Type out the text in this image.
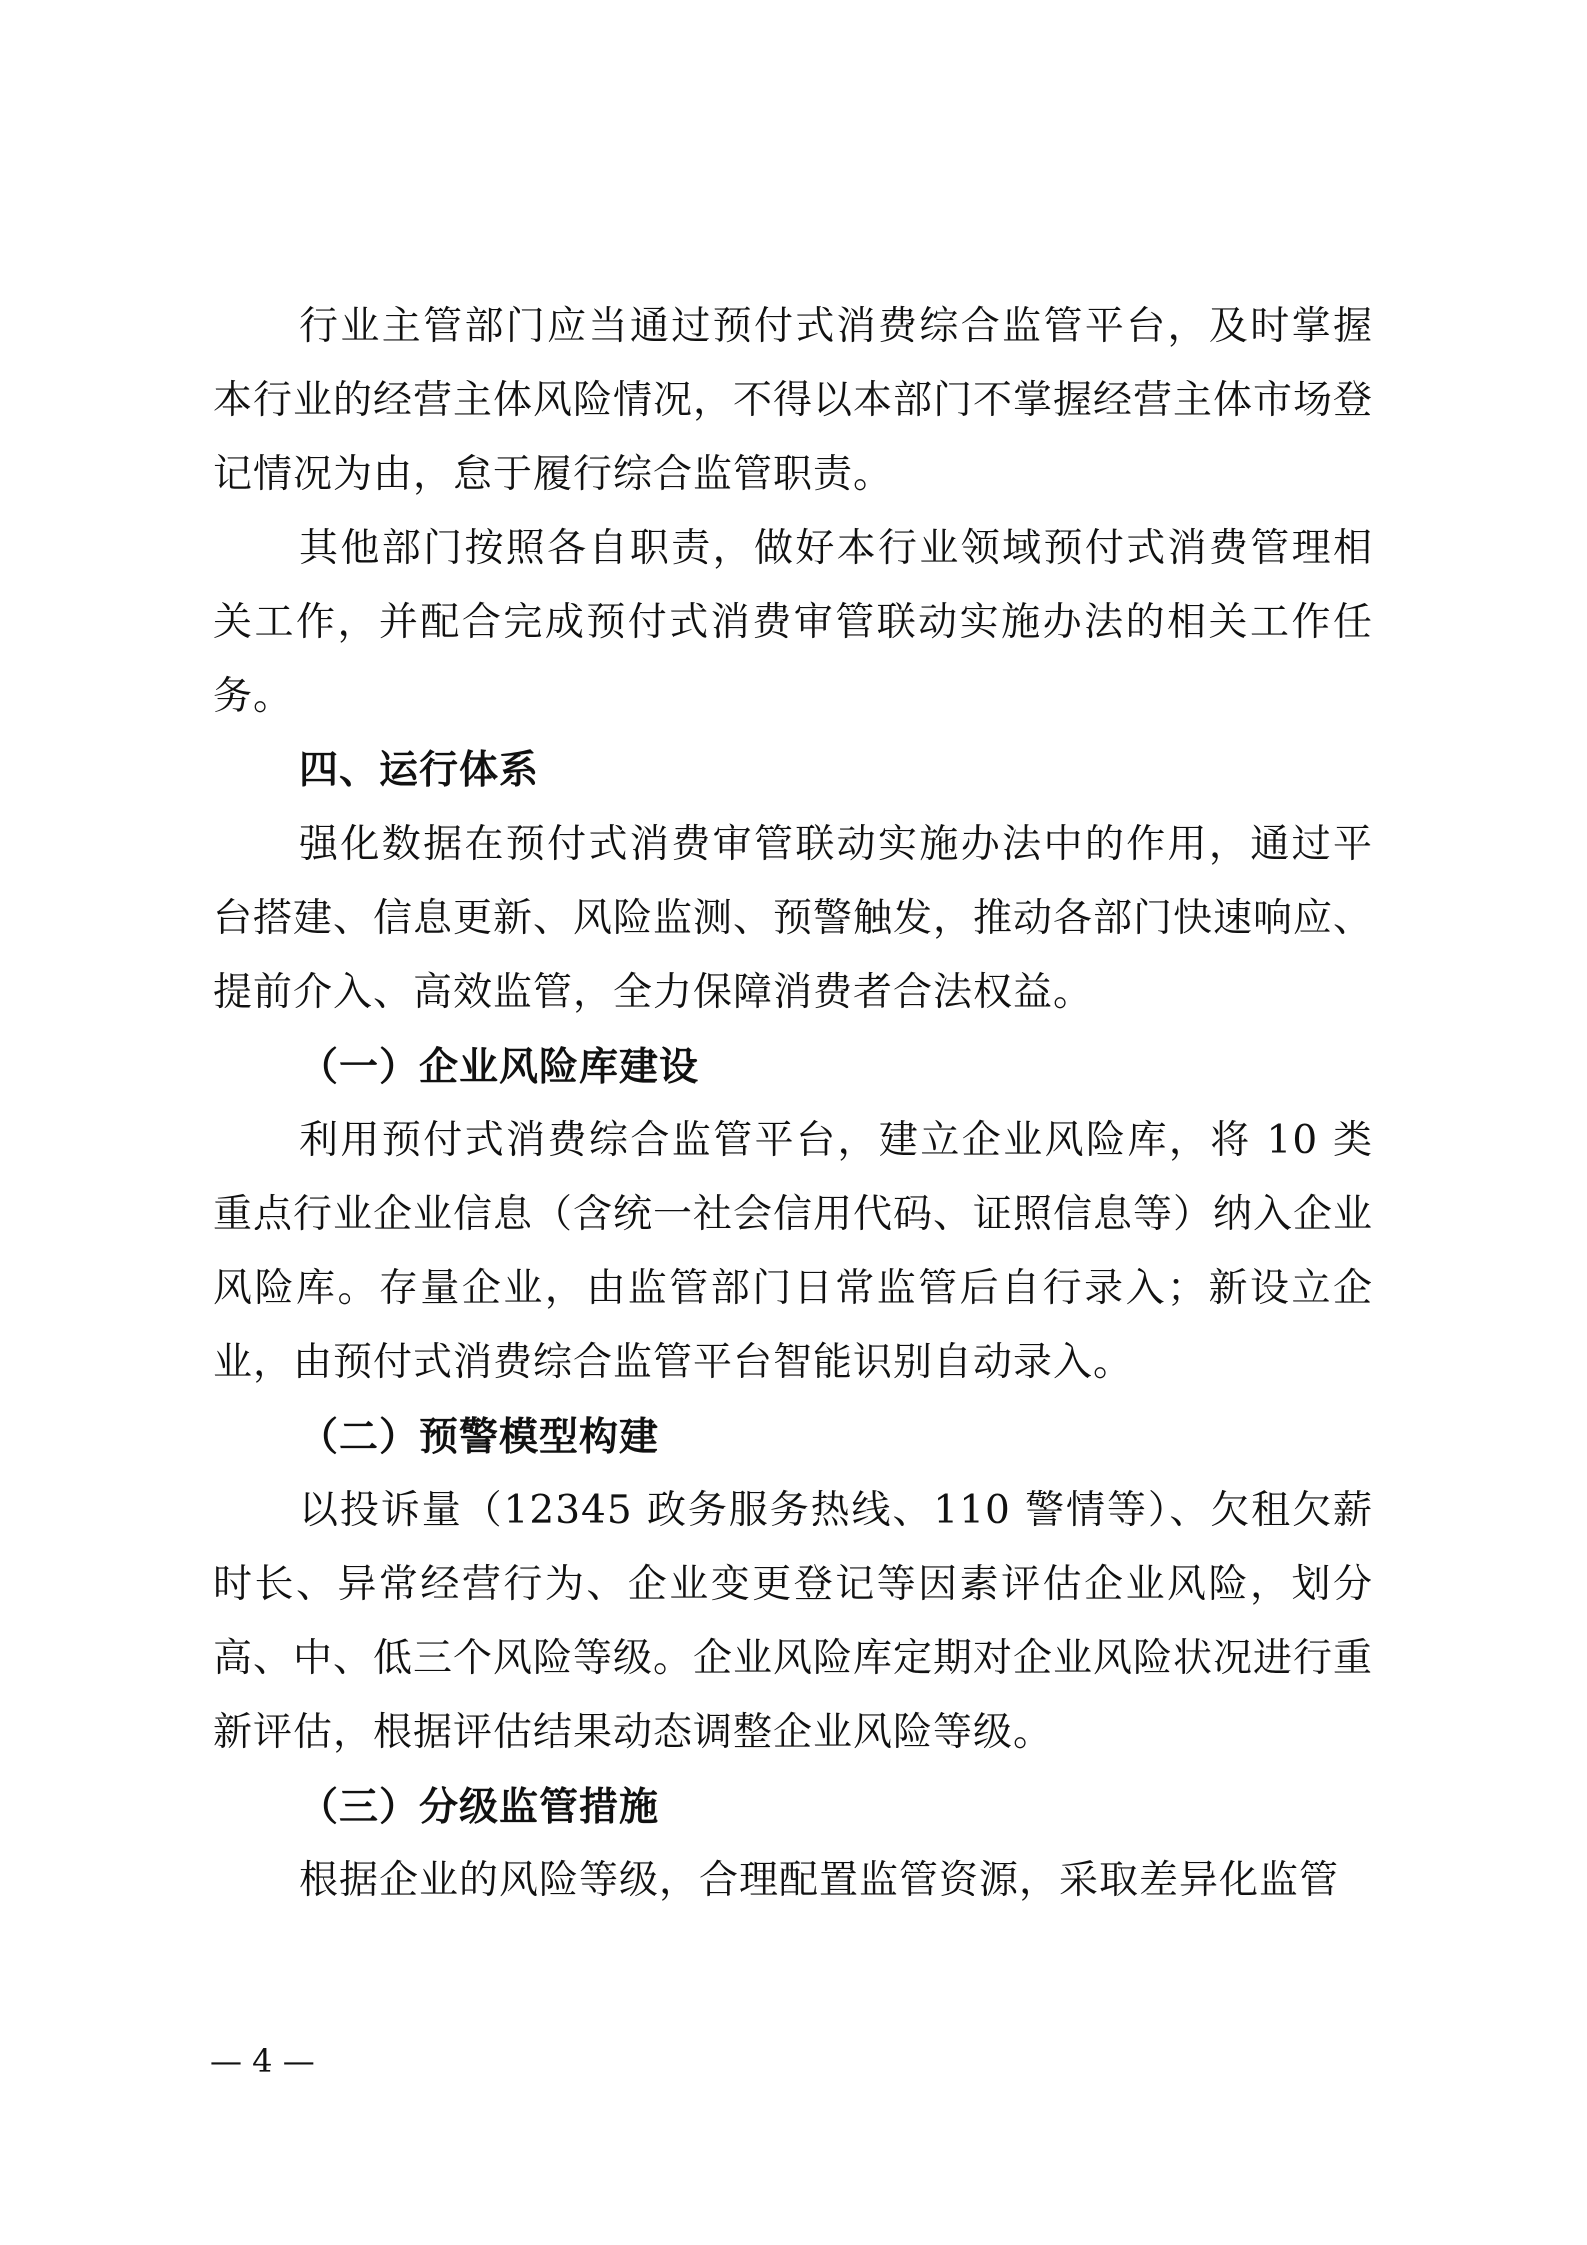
行业主管部门应当通过预付式消费综合监管平台，及时掌握本行业的经营主体风险情况，不得以本部门不掌握经营主体市场登记情况为由，怠于履行综合监管职责。

其他部门按照各自职责，做好本行业领域预付式消费管理相关工作，并配合完成预付式消费审管联动实施办法的相关工作任务。

四、运行体系

强化数据在预付式消费审管联动实施办法中的作用，通过平台搭建、信息更新、风险监测、预警触发，推动各部门快速响应、提前介入、高效监管，全力保障消费者合法权益。

（一）企业风险库建设

利用预付式消费综合监管平台，建立企业风险库，将 10 类重点行业企业信息（含统一社会信用代码、证照信息等）纳入企业风险库。存量企业，由监管部门日常监管后自行录入；新设立企业，由预付式消费综合监管平台智能识别自动录入。

（二）预警模型构建

以投诉量（12345 政务服务热线、110 警情等）、欠租欠薪时长、异常经营行为、企业变更登记等因素评估企业风险，划分高、中、低三个风险等级。企业风险库定期对企业风险状况进行重新评估，根据评估结果动态调整企业风险等级。

（三）分级监管措施

根据企业的风险等级，合理配置监管资源，采取差异化监管

— 4 —
